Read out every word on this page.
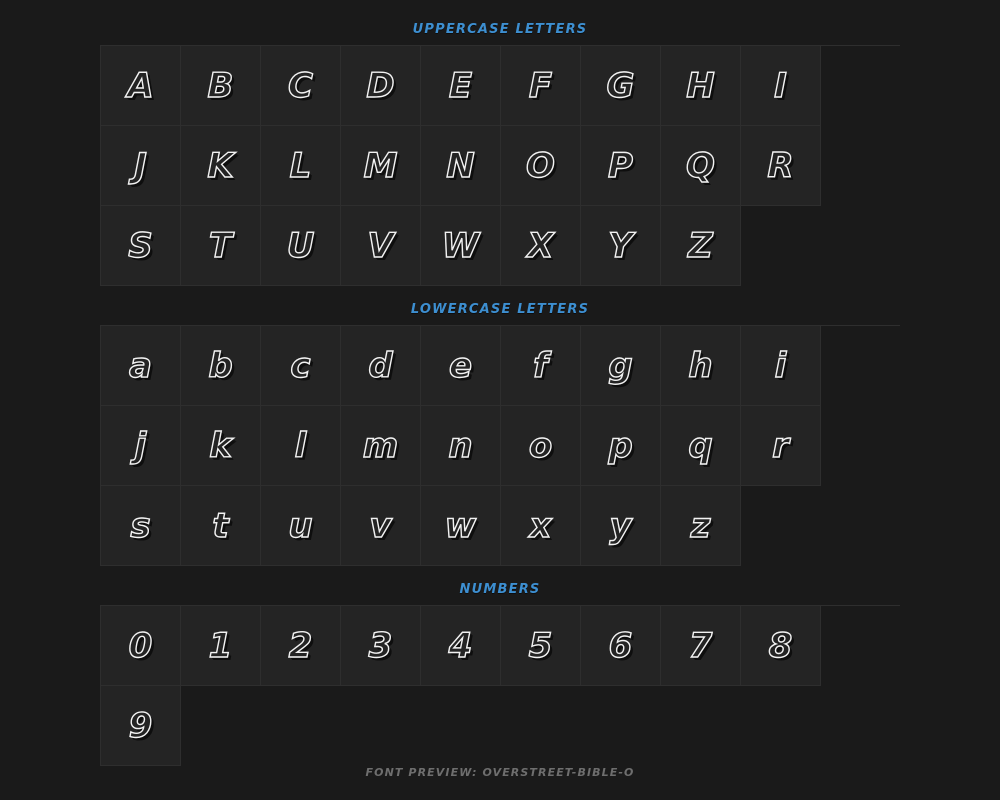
UPPERCASE LETTERS
A B C D E F G H I
J K L M N O P Q R
S T U V W X Y Z
LOWERCASE LETTERS
a b c d e f g h i
j k l m n o p q r
s t u v w x y z
NUMBERS
0 1 2 3 4 5 6 7 8
9
FONT PREVIEW: OVERSTREET-BIBLE-O
